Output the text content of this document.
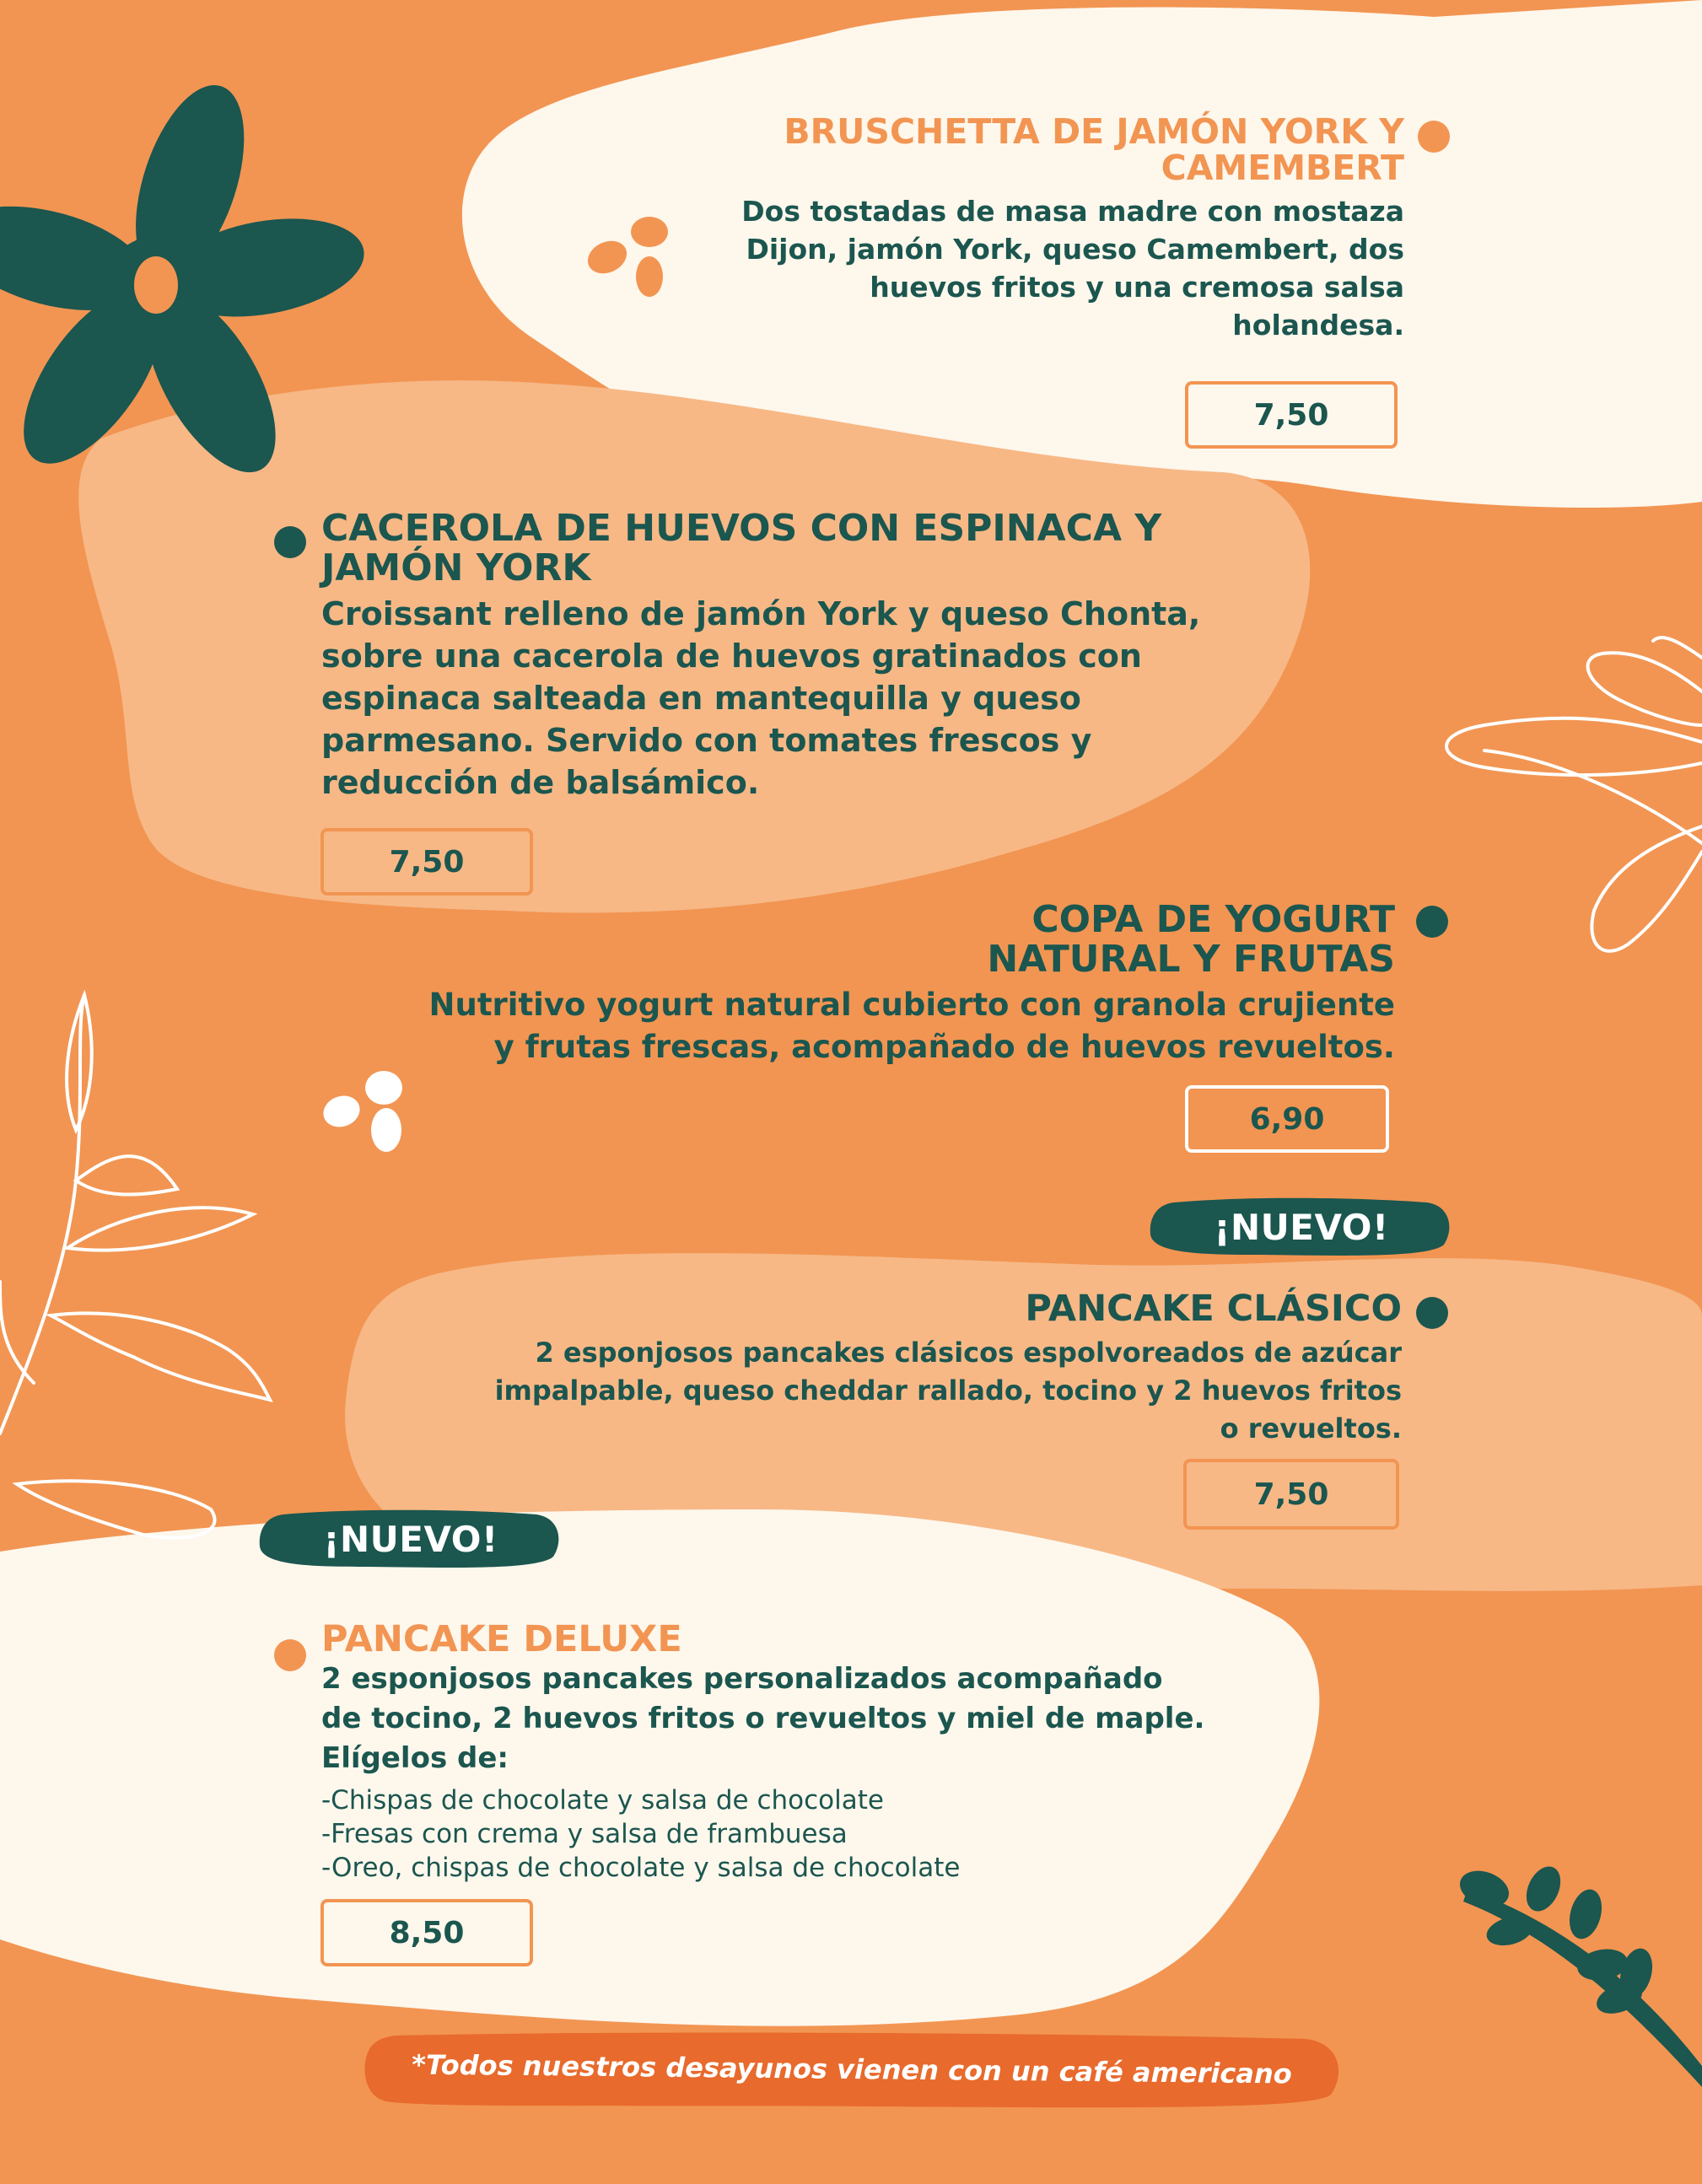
BRUSCHETTA DE JAMÓN YORK Y
CAMEMBERT

Dos tostadas de masa madre con mostaza
Dijon, jamón York, queso Camembert, dos
huevos fritos y una cremosa salsa
holandesa.

7,50
CACEROLA DE HUEVOS CON ESPINACA Y
JAMÓN YORK

Croissant relleno de jamón York y queso Chonta,
sobre una cacerola de huevos gratinados con
espinaca salteada en mantequilla y queso
parmesano. Servido con tomates frescos y
reducción de balsámico.

7,50
COPA DE YOGURT
NATURAL Y FRUTAS

Nutritivo yogurt natural cubierto con granola crujiente
y frutas frescas, acompañado de huevos revueltos.

6,90
¡NUEVO!
PANCAKE CLÁSICO

2 esponjosos pancakes clásicos espolvoreados de azúcar
impalpable, queso cheddar rallado, tocino y 2 huevos fritos
o revueltos.

7,50
¡NUEVO!
PANCAKE DELUXE

2 esponjosos pancakes personalizados acompañado
de tocino, 2 huevos fritos o revueltos y miel de maple.
Elígelos de:

-Chispas de chocolate y salsa de chocolate
-Fresas con crema y salsa de frambuesa
-Oreo, chispas de chocolate y salsa de chocolate
8,50
*Todos nuestros desayunos vienen con un café americano
